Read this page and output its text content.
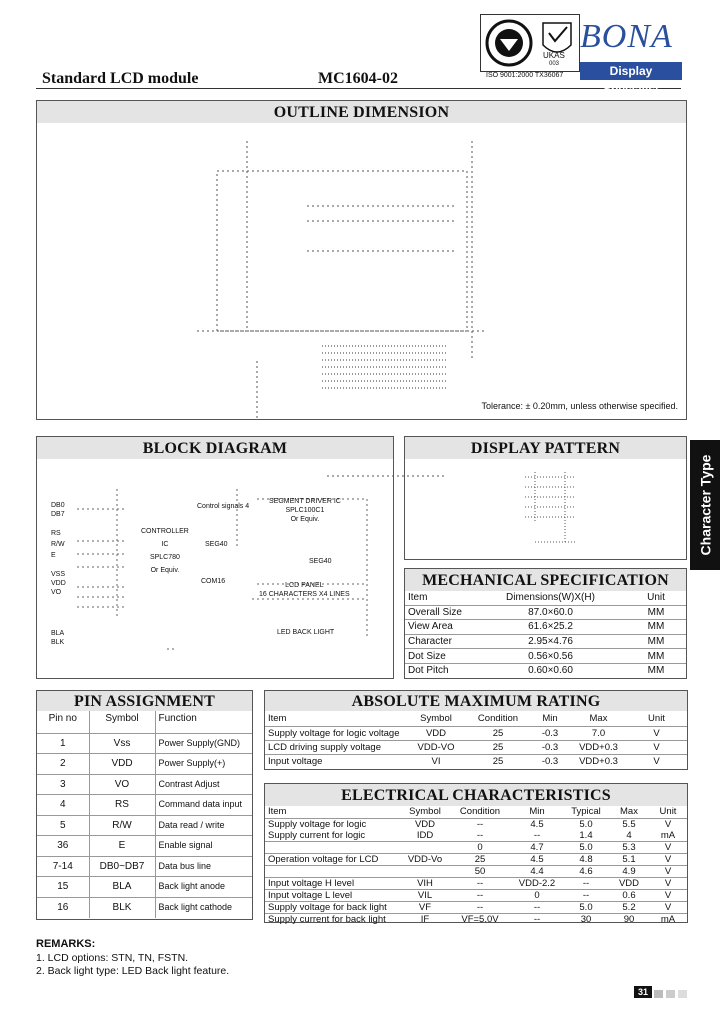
Standard LCD module	MC1604-02
UKAS
003
ISO 9001:2000 TX36067
BONA
Display Specialist
OUTLINE DIMENSION
Tolerance: ± 0.20mm, unless otherwise specified.
BLOCK DIAGRAM
DB0
DB7
RS
R/W
E
VSS
VDD
VO
BLA
BLK
CONTROLLER
IC
SPLC780
Or Equiv.
Control signals 4
SEGMENT DRIVER IC
SPLC100C1
Or Equiv.
SEG40
SEG40
COM16
LCD PANEL
16 CHARACTERS X4 LINES
LED BACK LIGHT
DISPLAY PATTERN
Character Type
MECHANICAL SPECIFICATION
Item	Dimensions(W)X(H)	Unit
Overall Size	87.0×60.0	MM
View Area	61.6×25.2	MM
Character	2.95×4.76	MM
Dot Size	0.56×0.56	MM
Dot Pitch	0.60×0.60	MM
PIN ASSIGNMENT
Pin no	Symbol	Function
1	Vss	Power Supply(GND)
2	VDD	Power Supply(+)
3	VO	Contrast Adjust
4	RS	Command data input
5	R/W	Data read / write
36	E	Enable signal
7-14	DB0~DB7	Data bus line
15	BLA	Back light anode
16	BLK	Back light cathode
ABSOLUTE MAXIMUM RATING
Item	Symbol	Condition	Min	Max	Unit
Supply voltage for logic voltage	VDD	25	-0.3	7.0	V
LCD driving supply voltage	VDD-VO	25	-0.3	VDD+0.3	V
Input voltage	VI	25	-0.3	VDD+0.3	V
ELECTRICAL CHARACTERISTICS
Item	Symbol	Condition	Min	Typical	Max	Unit
Supply voltage for logic	VDD	--	4.5	5.0	5.5	V
Supply current for logic	IDD	--	--	1.4	4	mA
		0	4.7	5.0	5.3	V
Operation voltage for LCD	VDD-Vo	25	4.5	4.8	5.1	V
		50	4.4	4.6	4.9	V
Input voltage H level	VIH	--	VDD-2.2	--	VDD	V
Input voltage L level	VIL	--	0	--	0.6	V
Supply voltage for back light	VF	--	--	5.0	5.2	V
Supply current for back light	IF	VF=5.0V	--	30	90	mA
REMARKS:
1. LCD options: STN, TN, FSTN.
2. Back light type: LED Back light feature.
31
